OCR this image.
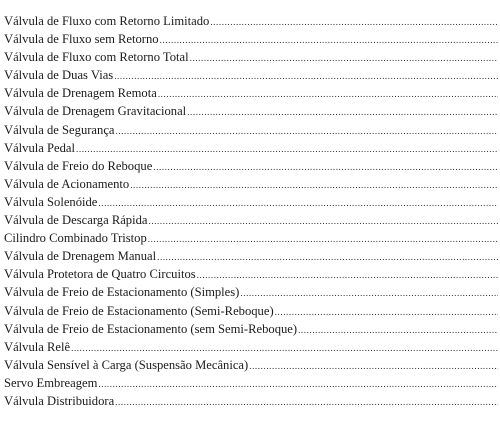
Válvula de Fluxo com Retorno Limitado
.....
Válvula de Fluxo sem Retorno
.....
Válvula de Fluxo com Retorno Total
.....
Válvula de Duas Vias
.....
Válvula de Drenagem Remota
.....
Válvula de Drenagem Gravitacional
.....
Válvula de Segurança
.....
Válvula Pedal
.....
Válvula de Freio do Reboque
.....
Válvula de Acionamento
.....
Válvula Solenóide
.....
Válvula de Descarga Rápida
.....
Cilindro Combinado Tristop
.....
Válvula de Drenagem Manual
.....
Válvula Protetora de Quatro Circuitos
.....
Válvula de Freio de Estacionamento (Simples)
.....
Válvula de Freio de Estacionamento (Semi-Reboque)
.....
Válvula de Freio de Estacionamento (sem Semi-Reboque)
.....
Válvula Relê
.....
Válvula Sensível à Carga (Suspensão Mecânica)
.....
Servo Embreagem
.....
Válvula Distribuidora
.....
